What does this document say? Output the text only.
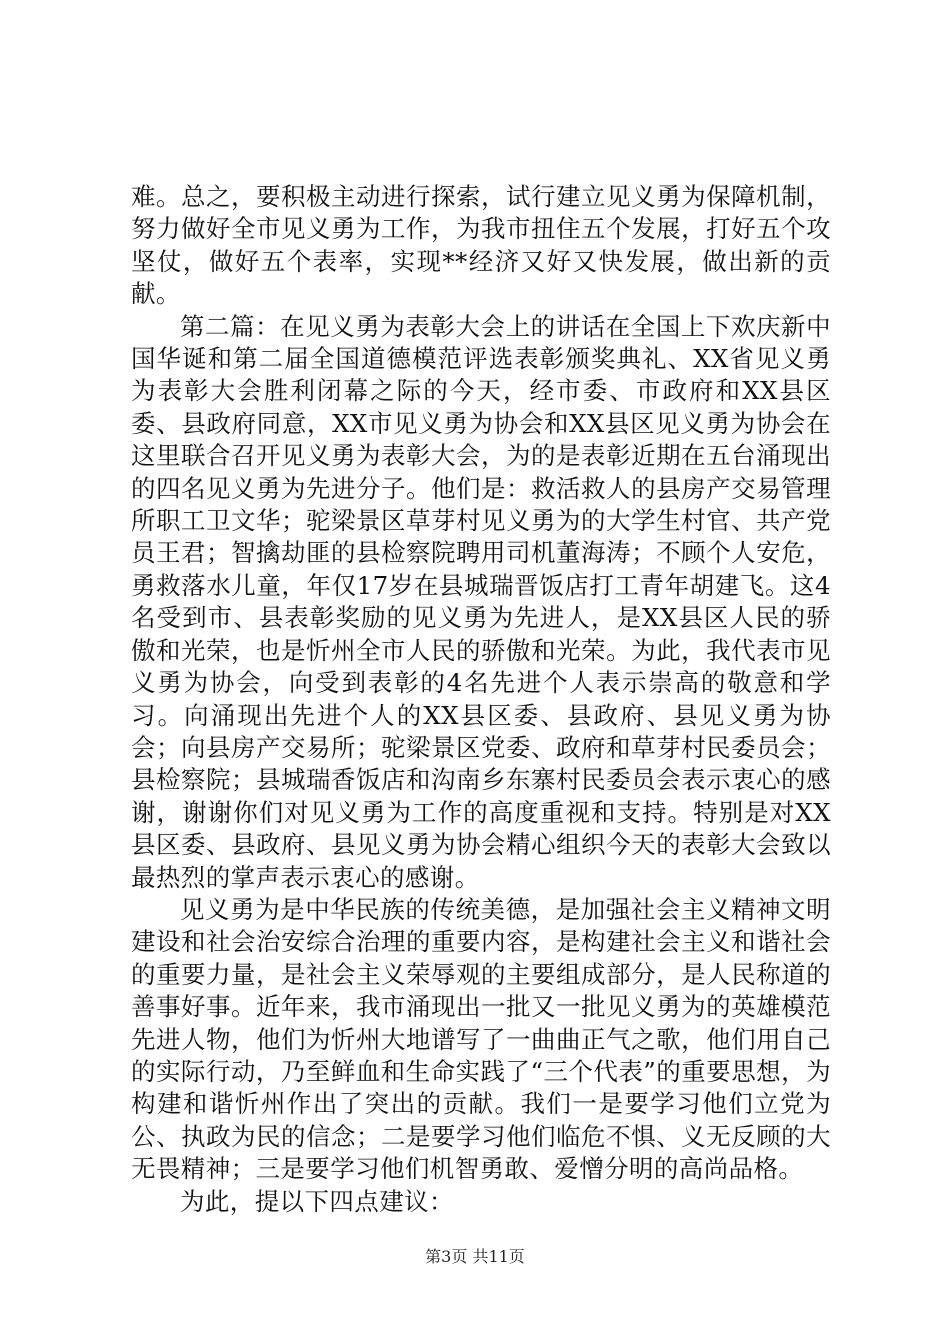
难。总之，要积极主动进行探索，试行建立见义勇为保障机制，努力做好全市见义勇为工作，为我市扭住五个发展，打好五个攻坚仗，做好五个表率，实现**经济又好又快发展，做出新的贡献。

第二篇：在见义勇为表彰大会上的讲话在全国上下欢庆新中国华诞和第二届全国道德模范评选表彰颁奖典礼、XX省见义勇为表彰大会胜利闭幕之际的今天，经市委、市政府和XX县区委、县政府同意，XX市见义勇为协会和XX县区见义勇为协会在这里联合召开见义勇为表彰大会，为的是表彰近期在五台涌现出的四名见义勇为先进分子。他们是：救活救人的县房产交易管理所职工卫文华；驼梁景区草芽村见义勇为的大学生村官、共产党员王君；智擒劫匪的县检察院聘用司机董海涛；不顾个人安危，勇救落水儿童，年仅17岁在县城瑞晋饭店打工青年胡建飞。这4名受到市、县表彰奖励的见义勇为先进人，是XX县区人民的骄傲和光荣，也是忻州全市人民的骄傲和光荣。为此，我代表市见义勇为协会，向受到表彰的4名先进个人表示崇高的敬意和学习。向涌现出先进个人的XX县区委、县政府、县见义勇为协会；向县房产交易所；驼梁景区党委、政府和草芽村民委员会；县检察院；县城瑞香饭店和沟南乡东寨村民委员会表示衷心的感谢，谢谢你们对见义勇为工作的高度重视和支持。特别是对XX县区委、县政府、县见义勇为协会精心组织今天的表彰大会致以最热烈的掌声表示衷心的感谢。

见义勇为是中华民族的传统美德，是加强社会主义精神文明建设和社会治安综合治理的重要内容，是构建社会主义和谐社会的重要力量，是社会主义荣辱观的主要组成部分，是人民称道的善事好事。近年来，我市涌现出一批又一批见义勇为的英雄模范先进人物，他们为忻州大地谱写了一曲曲正气之歌，他们用自己的实际行动，乃至鲜血和生命实践了“三个代表”的重要思想，为构建和谐忻州作出了突出的贡献。我们一是要学习他们立党为公、执政为民的信念；二是要学习他们临危不惧、义无反顾的大无畏精神；三是要学习他们机智勇敢、爱憎分明的高尚品格。

为此，提以下四点建议：

第3页 共11页
